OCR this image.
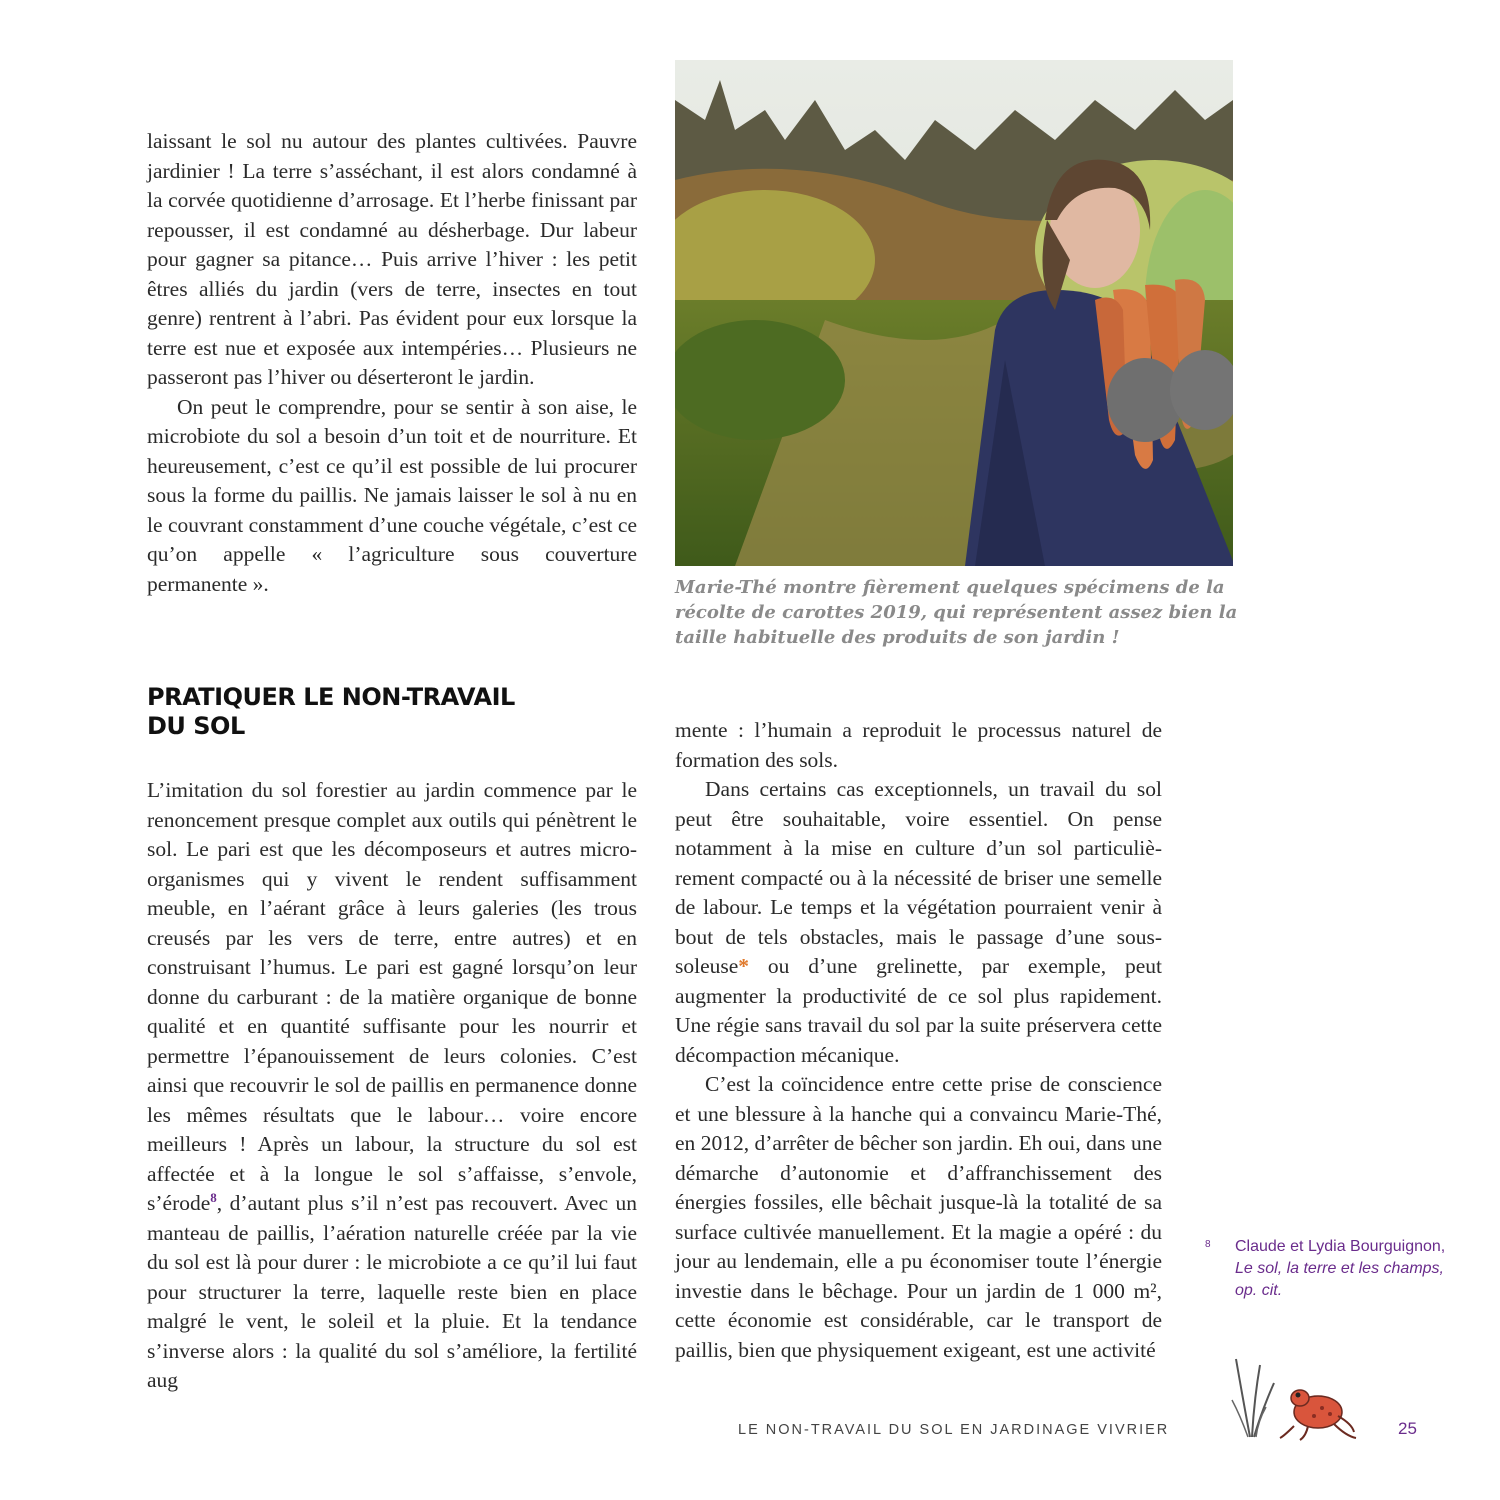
laissant le sol nu autour des plantes cultivées. Pauvre jardinier ! La terre s’asséchant, il est alors condamné à la corvée quotidienne d’arrosage. Et l’herbe finissant par repousser, il est condamné au désherbage. Dur labeur pour gagner sa pitance… Puis arrive l’hiver : les petit êtres alliés du jardin (vers de terre, insectes en tout genre) rentrent à l’abri. Pas évident pour eux lorsque la terre est nue et exposée aux intempéries… Plusieurs ne passeront pas l’hiver ou déserteront le jardin.

On peut le comprendre, pour se sentir à son aise, le microbiote du sol a besoin d’un toit et de nourriture. Et heureusement, c’est ce qu’il est possible de lui procurer sous la forme du paillis. Ne jamais laisser le sol à nu en le couvrant constamment d’une couche végétale, c’est ce qu’on appelle « l’agriculture sous couverture permanente ».	Marie-Thé montre fièrement quelques spécimens de la récolte de carottes 2019, qui représentent assez bien la taille habituelle des produits de son jardin !
PRATIQUER LE NON-TRAVAIL
DU SOL

L’imitation du sol forestier au jardin commence par le renoncement presque complet aux outils qui pénètrent le sol. Le pari est que les décomposeurs et autres micro-organismes qui y vivent le rendent suffisamment meuble, en l’aérant grâce à leurs galeries (les trous creusés par les vers de terre, entre autres) et en construisant l’humus. Le pari est gagné lorsqu’on leur donne du carburant : de la matière organique de bonne qualité et en quantité suffisante pour les nourrir et permettre l’épanouissement de leurs colonies. C’est ainsi que recouvrir le sol de paillis en permanence donne les mêmes résultats que le labour… voire encore meilleurs ! Après un labour, la structure du sol est affectée et à la longue le sol s’affaisse, s’envole, s’érode$^8$, d’autant plus s’il n’est pas recouvert. Avec un manteau de paillis, l’aération naturelle créée par la vie du sol est là pour durer : le microbiote a ce qu’il lui faut pour structurer la terre, laquelle reste bien en place malgré le vent, le soleil et la pluie. Et la tendance s’inverse alors : la qualité du sol s’améliore, la fertilité aug

mente : l’humain a reproduit le processus naturel de formation des sols.

Dans certains cas exceptionnels, un travail du sol peut être souhaitable, voire essentiel. On pense notamment à la mise en culture d’un sol particulièrement compacté ou à la nécessité de briser une semelle de labour. Le temps et la végétation pourraient venir à bout de tels obstacles, mais le passage d’une sous-soleuse* ou d’une grelinette, par exemple, peut augmenter la productivité de ce sol plus rapidement. Une régie sans travail du sol par la suite préservera cette décompaction mécanique.

C’est la coïncidence entre cette prise de conscience et une blessure à la hanche qui a convaincu Marie-Thé, en 2012, d’arrêter de bêcher son jardin. Eh oui, dans une démarche d’autonomie et d’affranchissement des énergies fossiles, elle bêchait jusque-là la totalité de sa surface cultivée manuellement. Et la magie a opéré : du jour au lendemain, elle a pu économiser toute l’énergie investie dans le bêchage. Pour un jardin de 1 000 m², cette économie est considérable, car le transport de paillis, bien que physiquement exigeant, est une activité

8 Claude et Lydia Bourguignon,
Le sol, la terre et les champs, op. cit.
LE NON-TRAVAIL DU SOL EN JARDINAGE VIVRIER	25
